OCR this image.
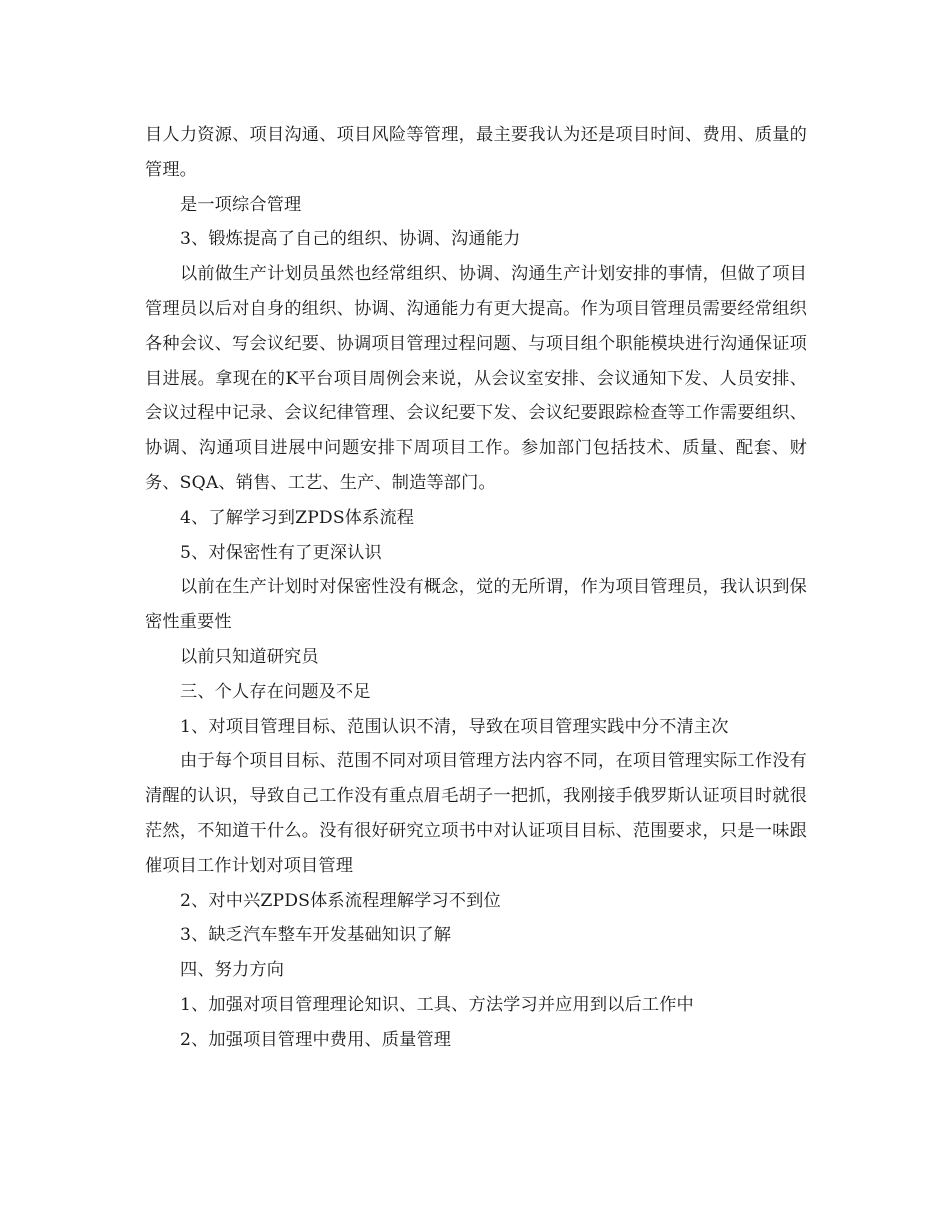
目人力资源、项目沟通、项目风险等管理，最主要我认为还是项目时间、费用、质量的管理。

是一项综合管理

3、锻炼提高了自己的组织、协调、沟通能力

以前做生产计划员虽然也经常组织、协调、沟通生产计划安排的事情，但做了项目管理员以后对自身的组织、协调、沟通能力有更大提高。作为项目管理员需要经常组织各种会议、写会议纪要、协调项目管理过程问题、与项目组个职能模块进行沟通保证项目进展。拿现在的K平台项目周例会来说，从会议室安排、会议通知下发、人员安排、会议过程中记录、会议纪律管理、会议纪要下发、会议纪要跟踪检查等工作需要组织、协调、沟通项目进展中问题安排下周项目工作。参加部门包括技术、质量、配套、财务、SQA、销售、工艺、生产、制造等部门。

4、了解学习到ZPDS体系流程

5、对保密性有了更深认识

以前在生产计划时对保密性没有概念，觉的无所谓，作为项目管理员，我认识到保密性重要性

以前只知道研究员

三、个人存在问题及不足

1、对项目管理目标、范围认识不清，导致在项目管理实践中分不清主次

由于每个项目目标、范围不同对项目管理方法内容不同，在项目管理实际工作没有清醒的认识，导致自己工作没有重点眉毛胡子一把抓，我刚接手俄罗斯认证项目时就很茫然，不知道干什么。没有很好研究立项书中对认证项目目标、范围要求，只是一味跟催项目工作计划对项目管理

2、对中兴ZPDS体系流程理解学习不到位

3、缺乏汽车整车开发基础知识了解

四、努力方向

1、加强对项目管理理论知识、工具、方法学习并应用到以后工作中

2、加强项目管理中费用、质量管理
